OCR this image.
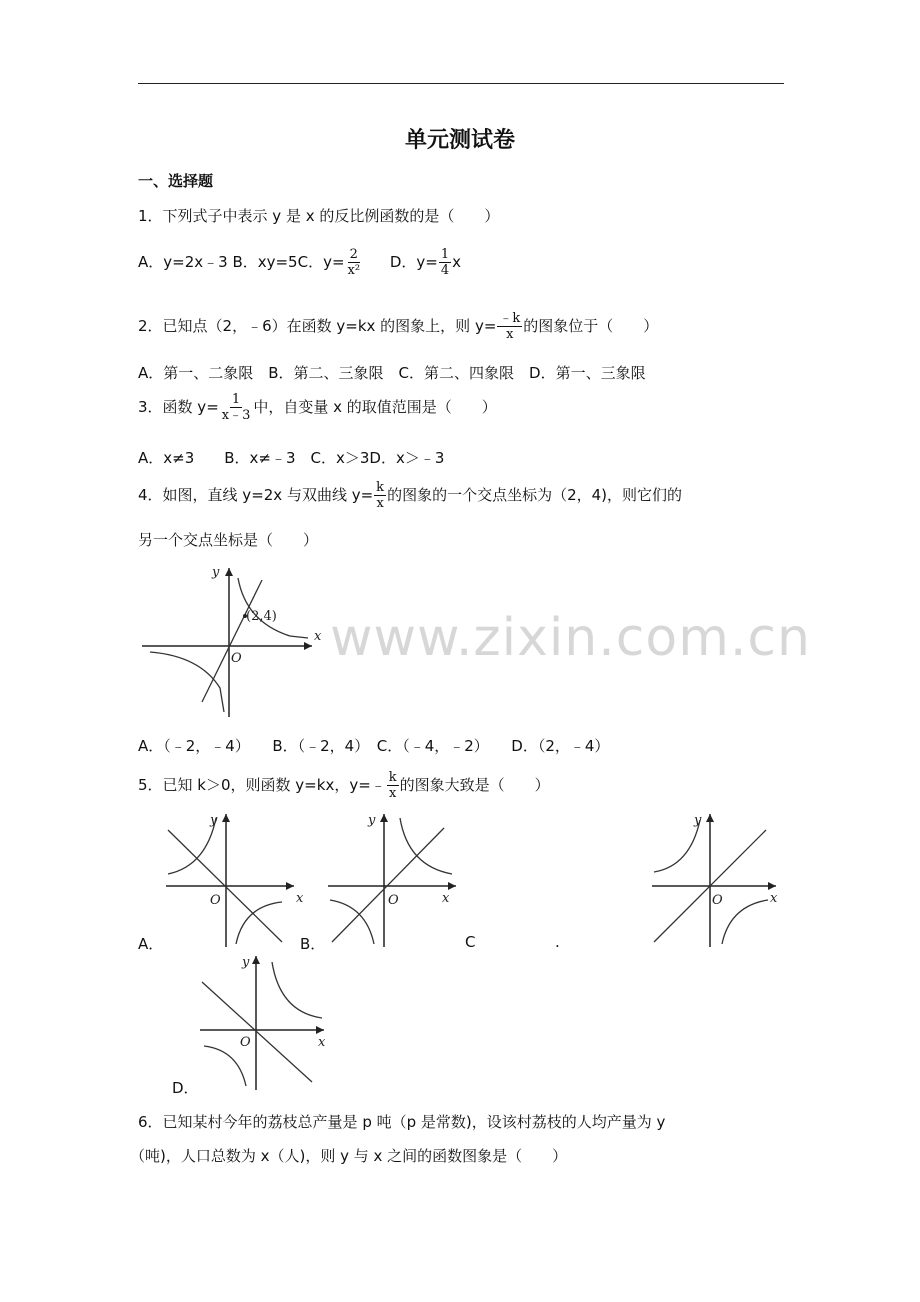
单元测试卷
一、选择题
www.zixin.com.cn
1．下列式子中表示 y 是 x 的反比例函数的是（　　）
A．y=2x﹣3 B．xy=5C．$y= \frac{2}{\text{x²}}$ D．$y= \frac{1}{4}$ x
2．已知点（2，﹣6）在函数 y=kx 的图象上，则 $y= \frac{﹣k}{x}$ 的图象位于（　　）
A．第一、二象限　B．第二、三象限　C．第二、四象限　D．第一、三象限
3．函数 $y= \frac{1}{x﹣3}$ 中，自变量 x 的取值范围是（　　）
A．x≠3　　B．x≠﹣3　C．x＞3D．x＞﹣3
4．如图，直线 y=2x 与双曲线 $y= \frac{k}{x}$ 的图象的一个交点坐标为（2，4)，则它们的
另一个交点坐标是（　　）
x
y
O
(2,4)
A．（﹣2，﹣4）　　B．（﹣2，4）　C．（﹣4，﹣2）　　D．（2，﹣4）
5．已知 k＞0，则函数 y=kx，y=﹣ $\frac{k}{x}$ 的图象大致是（　　）
x
y
O
A．
x
y
O
B．	C	.
x
y
O
x
y
O
D．
6．已知某村今年的荔枝总产量是 p 吨（p 是常数)，设该村荔枝的人均产量为 y
（吨)，人口总数为 x（人)，则 y 与 x 之间的函数图象是（　　）
